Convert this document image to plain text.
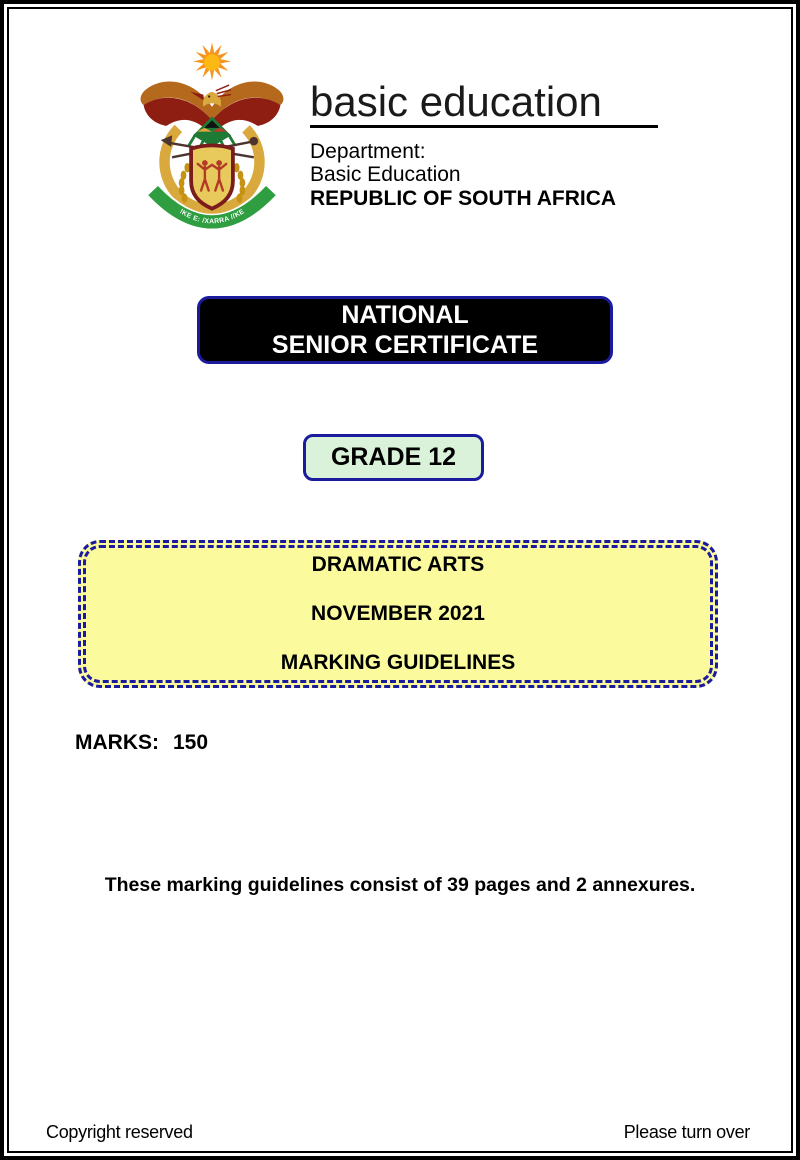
!KE E: /XARRA //KE
basic education
Department:
Basic Education
REPUBLIC OF SOUTH AFRICA
NATIONAL
SENIOR CERTIFICATE
GRADE 12
DRAMATIC ARTS
NOVEMBER 2021
MARKING GUIDELINES
MARKS: 150
These marking guidelines consist of 39 pages and 2 annexures.
Copyright reserved	Please turn over
